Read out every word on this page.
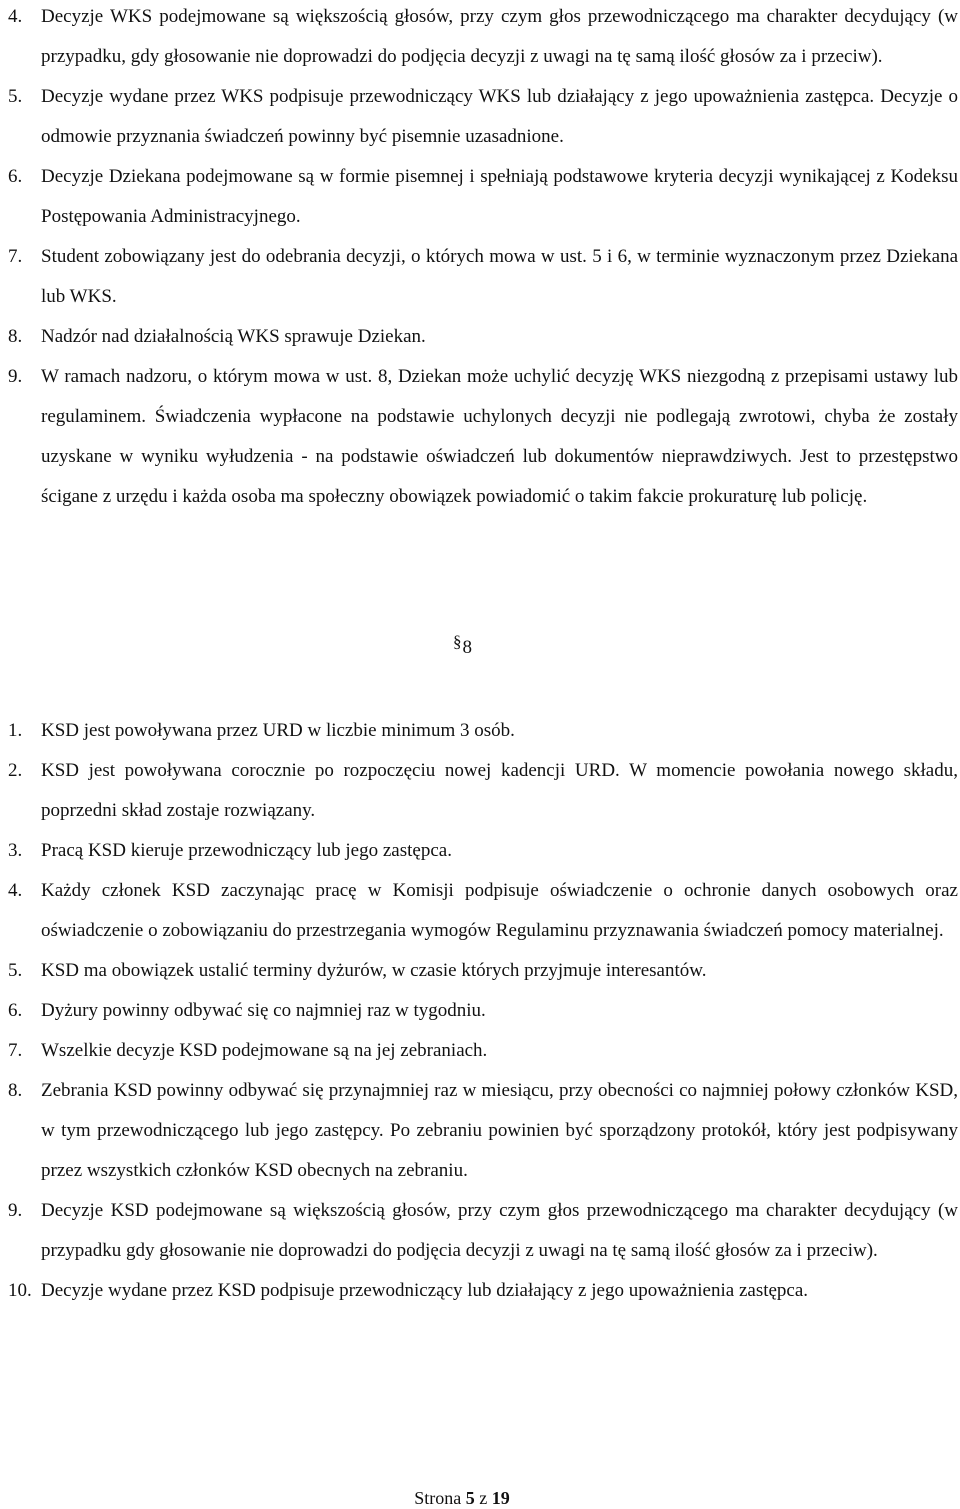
4. Decyzje WKS podejmowane są większością głosów, przy czym głos przewodniczącego ma charakter decydujący (w przypadku, gdy głosowanie nie doprowadzi do podjęcia decyzji z uwagi na tę samą ilość głosów za i przeciw).
5. Decyzje wydane przez WKS podpisuje przewodniczący WKS lub działający z jego upoważnienia zastępca. Decyzje o odmowie przyznania świadczeń powinny być pisemnie uzasadnione.
6. Decyzje Dziekana podejmowane są w formie pisemnej i spełniają podstawowe kryteria decyzji wynikającej z Kodeksu Postępowania Administracyjnego.
7. Student zobowiązany jest do odebrania decyzji, o których mowa w ust. 5 i 6, w terminie wyznaczonym przez Dziekana lub WKS.
8. Nadzór nad działalnością WKS sprawuje Dziekan.
9. W ramach nadzoru, o którym mowa w ust. 8, Dziekan może uchylić decyzję WKS niezgodną z przepisami ustawy lub regulaminem. Świadczenia wypłacone na podstawie uchylonych decyzji nie podlegają zwrotowi, chyba że zostały uzyskane w wyniku wyłudzenia - na podstawie oświadczeń lub dokumentów nieprawdziwych. Jest to przestępstwo ścigane z urzędu i każda osoba ma społeczny obowiązek powiadomić o takim fakcie prokuraturę lub policję.
§8
1. KSD jest powoływana przez URD w liczbie minimum 3 osób.
2. KSD jest powoływana corocznie po rozpoczęciu nowej kadencji URD. W momencie powołania nowego składu, poprzedni skład zostaje rozwiązany.
3. Pracą KSD kieruje przewodniczący lub jego zastępca.
4. Każdy członek KSD zaczynając pracę w Komisji podpisuje oświadczenie o ochronie danych osobowych oraz oświadczenie o zobowiązaniu do przestrzegania wymogów Regulaminu przyznawania świadczeń pomocy materialnej.
5. KSD ma obowiązek ustalić terminy dyżurów, w czasie których przyjmuje interesantów.
6. Dyżury powinny odbywać się co najmniej raz w tygodniu.
7. Wszelkie decyzje KSD podejmowane są na jej zebraniach.
8. Zebrania KSD powinny odbywać się przynajmniej raz w miesiącu, przy obecności co najmniej połowy członków KSD, w tym przewodniczącego lub jego zastępcy. Po zebraniu powinien być sporządzony protokół, który jest podpisywany przez wszystkich członków KSD obecnych na zebraniu.
9. Decyzje KSD podejmowane są większością głosów, przy czym głos przewodniczącego ma charakter decydujący (w przypadku gdy głosowanie nie doprowadzi do podjęcia decyzji z uwagi na tę samą ilość głosów za i przeciw).
10. Decyzje wydane przez KSD podpisuje przewodniczący lub działający z jego upoważnienia zastępca.
Strona 5 z 19
